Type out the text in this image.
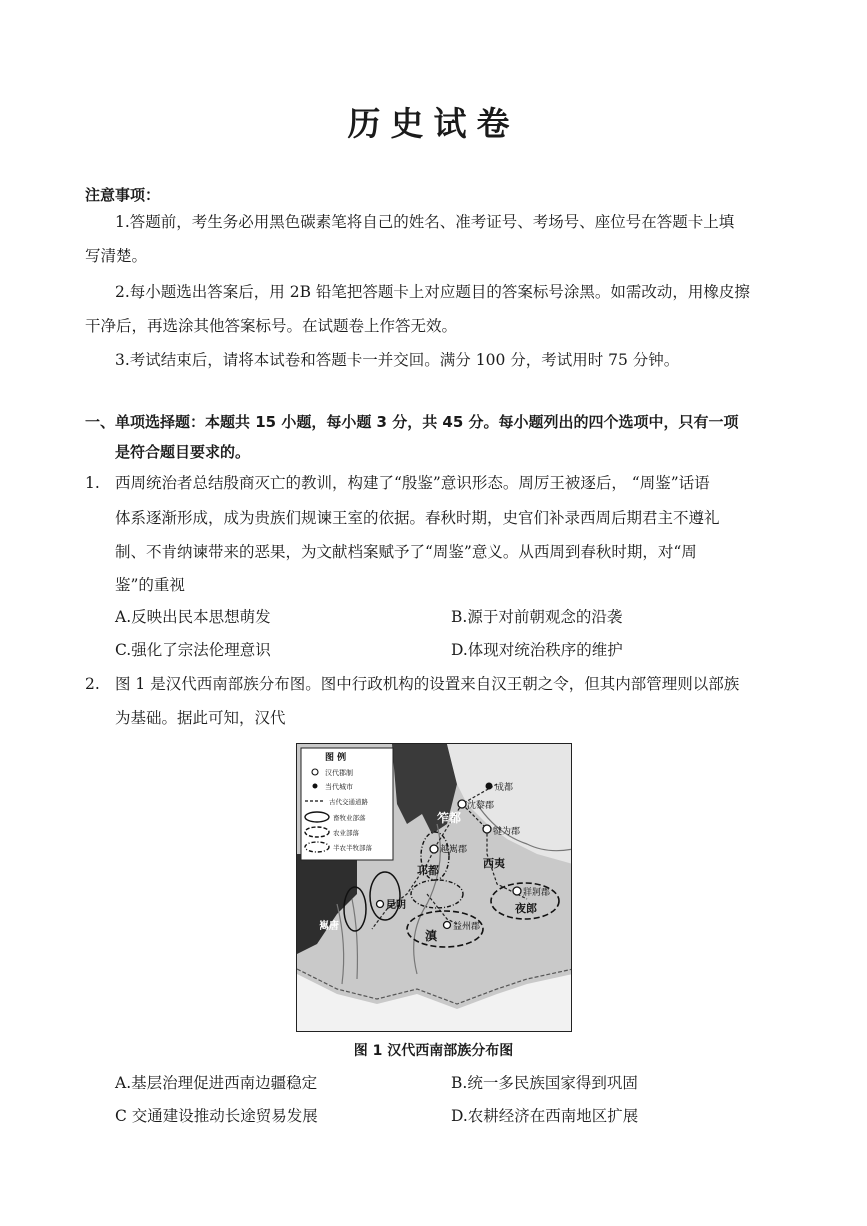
历史试卷
注意事项：
1.答题前，考生务必用黑色碳素笔将自己的姓名、准考证号、考场号、座位号在答题卡上填
写清楚。
2.每小题选出答案后，用 2B 铅笔把答题卡上对应题目的答案标号涂黑。如需改动，用橡皮擦
干净后，再选涂其他答案标号。在试题卷上作答无效。
3.考试结束后，请将本试卷和答题卡一并交回。满分 100 分，考试用时 75 分钟。
一、单项选择题：本题共 15 小题，每小题 3 分，共 45 分。每小题列出的四个选项中，只有一项
是符合题目要求的。
1. 西周统治者总结殷商灭亡的教训，构建了“殷鉴”意识形态。周厉王被逐后， “周鉴”话语
体系逐渐形成，成为贵族们规谏王室的依据。春秋时期，史官们补录西周后期君主不遵礼
制、不肯纳谏带来的恶果，为文献档案赋予了“周鉴”意义。从西周到春秋时期，对“周
鉴”的重视
A.反映出民本思想萌发	B.源于对前朝观念的沿袭
C.强化了宗法伦理意识	D.体现对统治秩序的维护
2. 图 1 是汉代西南部族分布图。图中行政机构的设置来自汉王朝之令，但其内部管理则以部族
为基础。据此可知，汉代
图 例
汉代郡制
当代城市
古代交通道路
畜牧业部落
农业部落
半农半牧部落
成都
沈黎郡
笮都
犍为郡
越嶲郡
邛都
西夷
牂牁郡
夜郎
昆明
嶲唐	益州郡
滇
图 1 汉代西南部族分布图
A.基层治理促进西南边疆稳定	B.统一多民族国家得到巩固
C 交通建设推动长途贸易发展	D.农耕经济在西南地区扩展
